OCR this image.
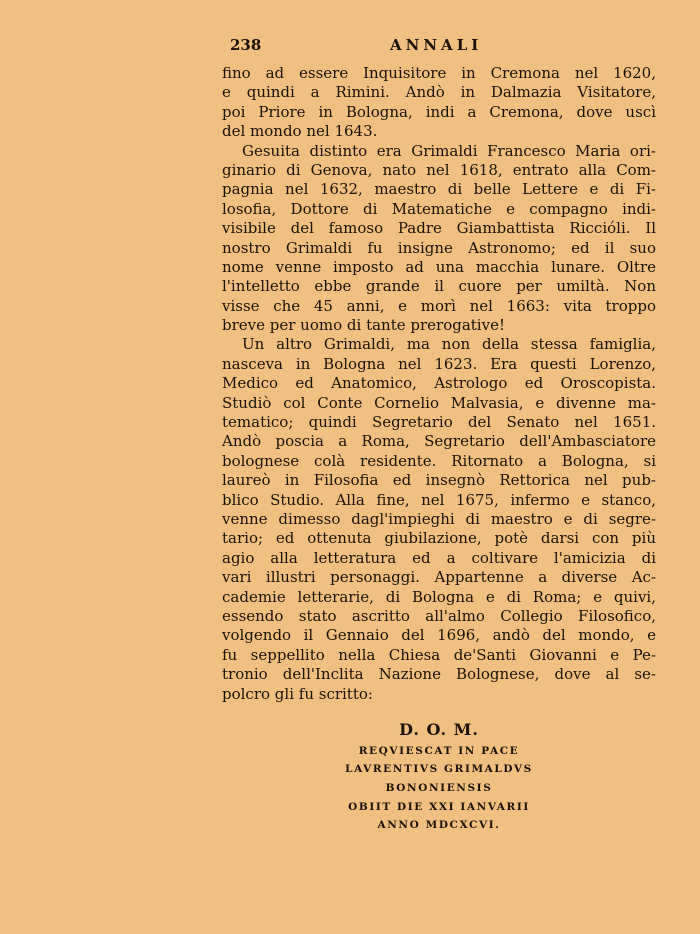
238	ANNALI
fino ad essere Inquisitore in Cremona nel 1620,
e quindi a Rimini. Andò in Dalmazia Visitatore,
poi Priore in Bologna, indi a Cremona, dove uscì
del mondo nel 1643.
Gesuita distinto era Grimaldi Francesco Maria ori-
ginario di Genova, nato nel 1618, entrato alla Com-
pagnia nel 1632, maestro di belle Lettere e di Fi-
losofia, Dottore di Matematiche e compagno indi-
visibile del famoso Padre Giambattista Riccióli. Il
nostro Grimaldi fu insigne Astronomo; ed il suo
nome venne imposto ad una macchia lunare. Oltre
l'intelletto ebbe grande il cuore per umiltà. Non
visse che 45 anni, e morì nel 1663: vita troppo
breve per uomo di tante prerogative!
Un altro Grimaldi, ma non della stessa famiglia,
nasceva in Bologna nel 1623. Era questi Lorenzo,
Medico ed Anatomico, Astrologo ed Oroscopista.
Studiò col Conte Cornelio Malvasia, e divenne ma-
tematico; quindi Segretario del Senato nel 1651.
Andò poscia a Roma, Segretario dell'Ambasciatore
bolognese colà residente. Ritornato a Bologna, si
laureò in Filosofia ed insegnò Rettorica nel pub-
blico Studio. Alla fine, nel 1675, infermo e stanco,
venne dimesso dagl'impieghi di maestro e di segre-
tario; ed ottenuta giubilazione, potè darsi con più
agio alla letteratura ed a coltivare l'amicizia di
vari illustri personaggi. Appartenne a diverse Ac-
cademie letterarie, di Bologna e di Roma; e quivi,
essendo stato ascritto all'almo Collegio Filosofico,
volgendo il Gennaio del 1696, andò del mondo, e
fu seppellito nella Chiesa de'Santi Giovanni e Pe-
tronio dell'Inclita Nazione Bolognese, dove al se-
polcro gli fu scritto:
D. O. M.
REQVIESCAT IN PACE
LAVRENTIVS GRIMALDVS
BONONIENSIS
OBIIT DIE XXI IANVARII
ANNO MDCXCVI.
